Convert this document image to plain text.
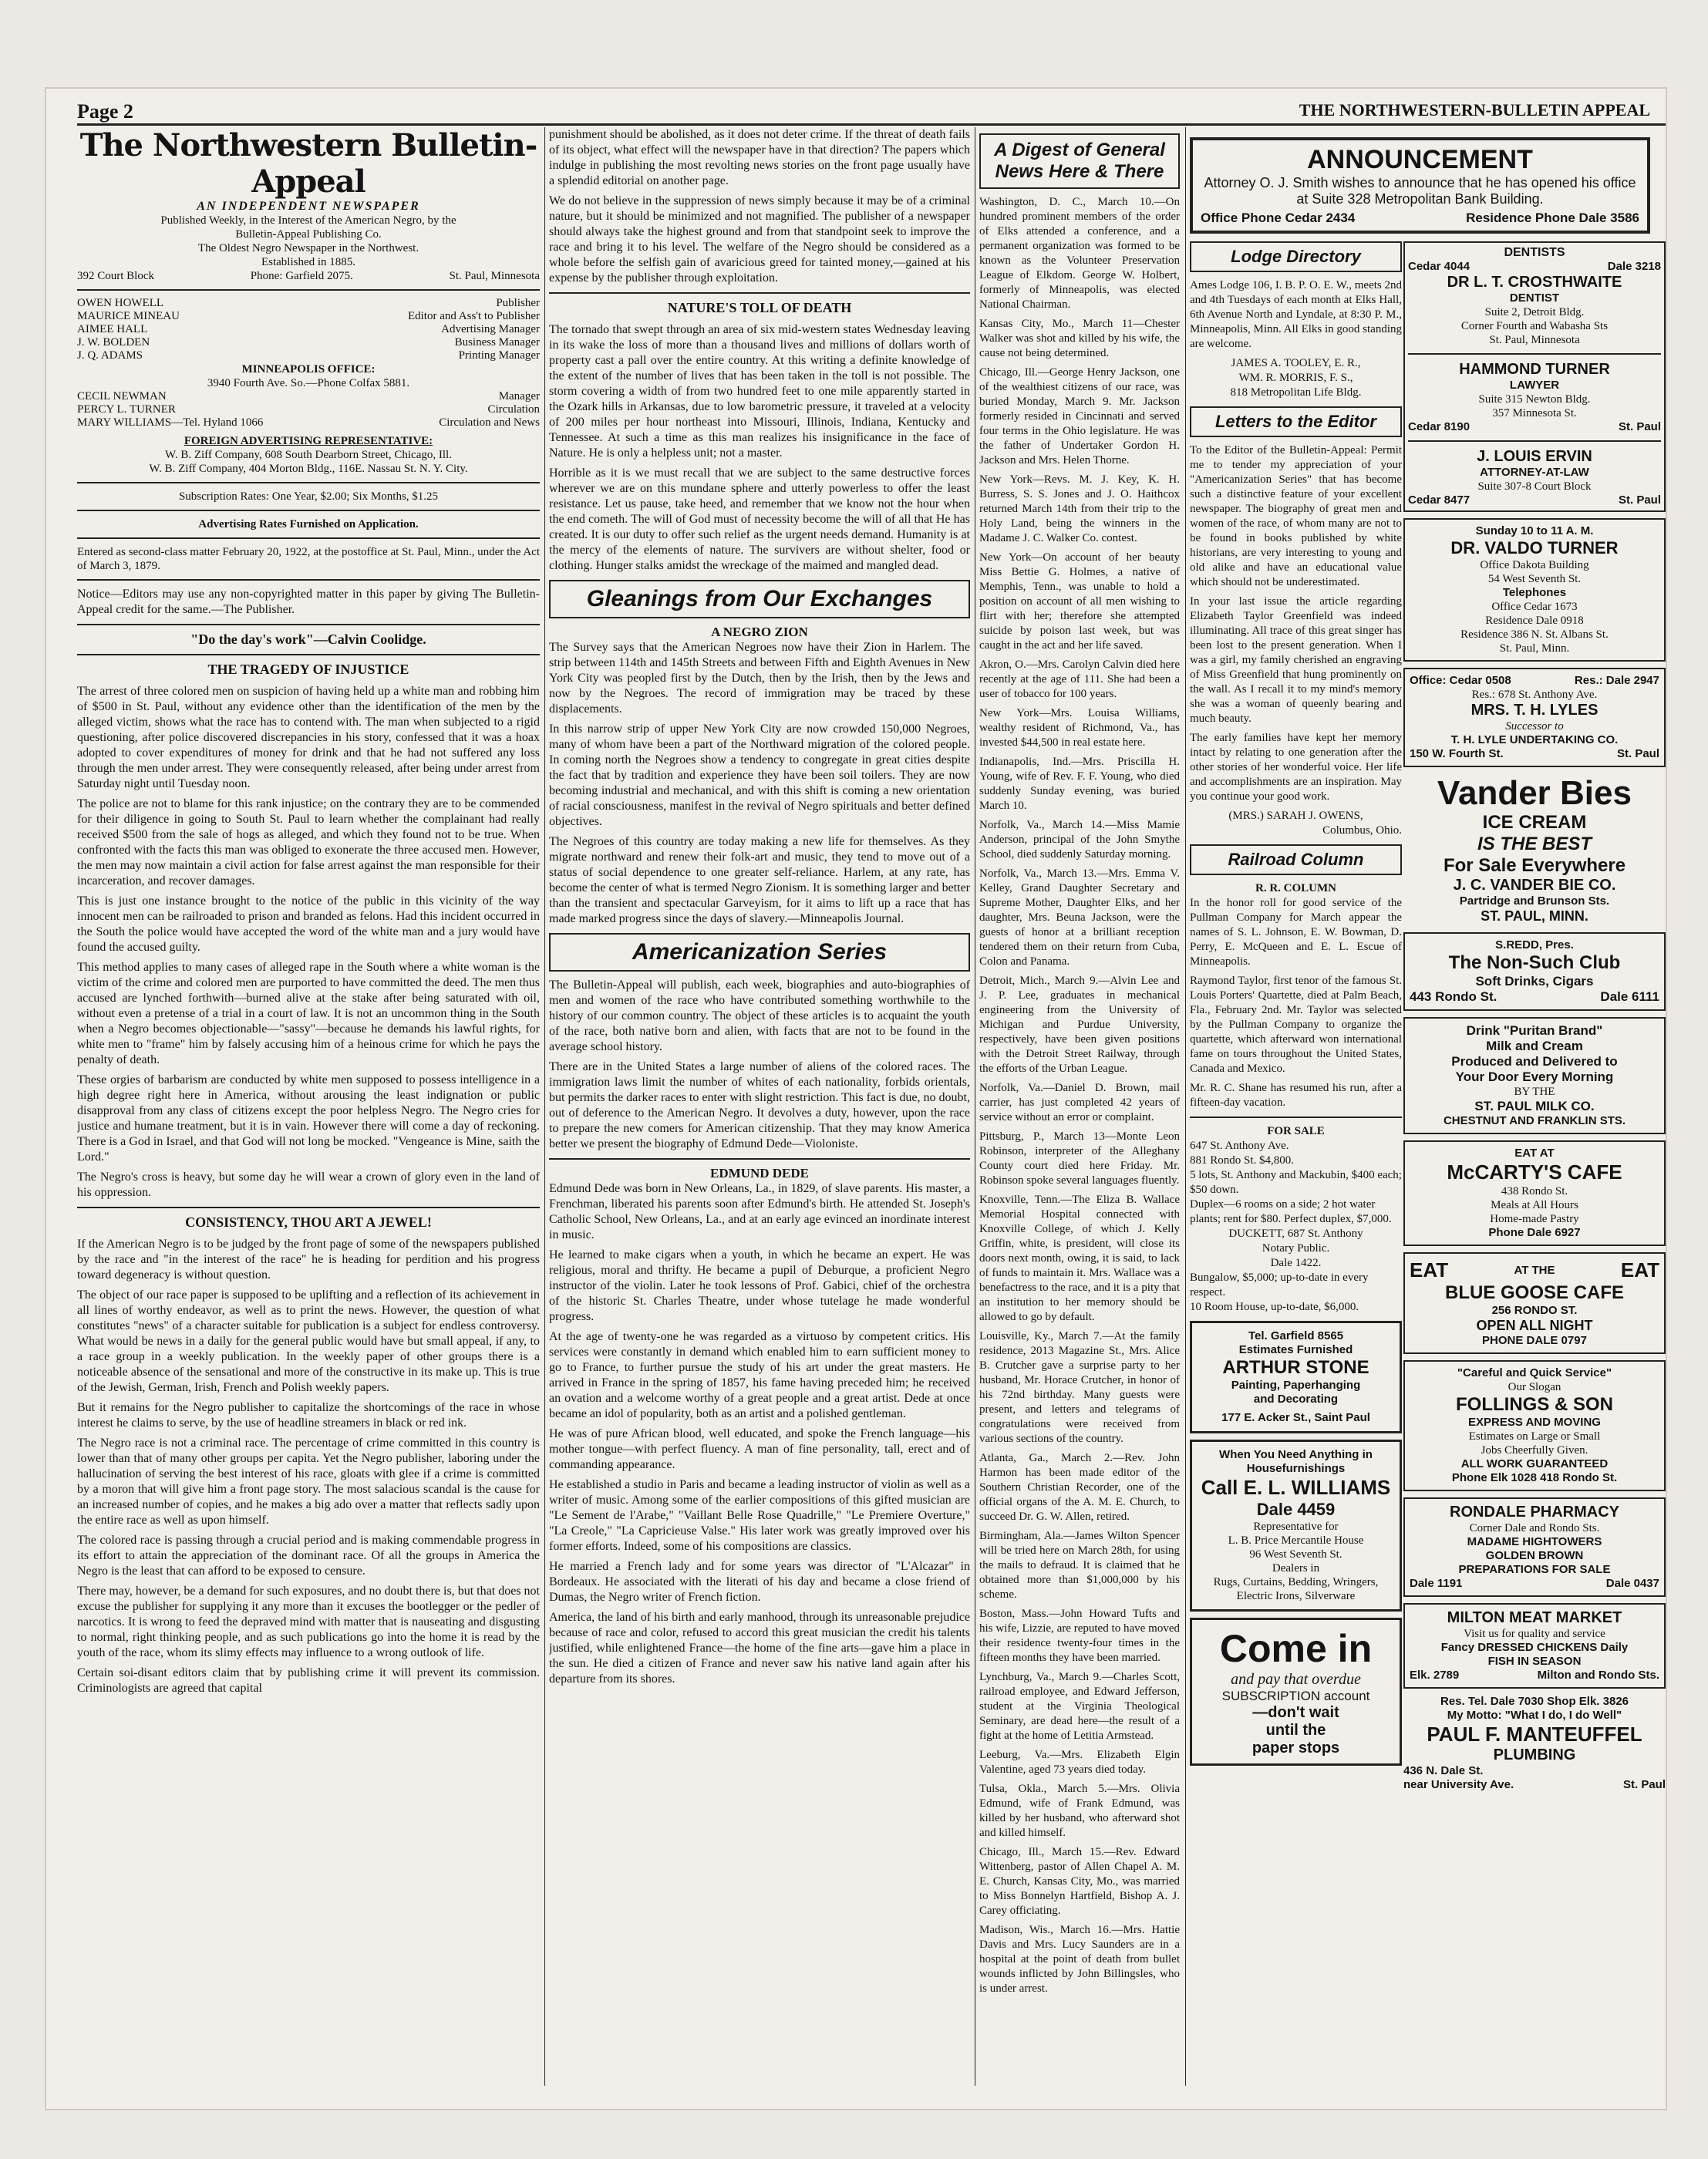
Page 2	THE NORTHWESTERN-BULLETIN APPEAL
The Northwestern Bulletin-Appeal
AN INDEPENDENT NEWSPAPER
Published Weekly, in the Interest of the American Negro, by the
Bulletin-Appeal Publishing Co.
The Oldest Negro Newspaper in the Northwest.
Established in 1885.
392 Court Block	Phone: Garfield 2075.	St. Paul, Minnesota
OWEN HOWELL	Publisher
MAURICE MINEAU	Editor and Ass't to Publisher
AIMEE HALL	Advertising Manager
J. W. BOLDEN	Business Manager
J. Q. ADAMS	Printing Manager
MINNEAPOLIS OFFICE:
3940 Fourth Ave. So.—Phone Colfax 5881.
CECIL NEWMAN	Manager
PERCY L. TURNER	Circulation
MARY WILLIAMS—Tel. Hyland 1066	Circulation and News
FOREIGN ADVERTISING REPRESENTATIVE:
W. B. Ziff Company, 608 South Dearborn Street, Chicago, Ill.
W. B. Ziff Company, 404 Morton Bldg., 116E. Nassau St. N. Y. City.
Subscription Rates: One Year, $2.00; Six Months, $1.25
Advertising Rates Furnished on Application.

Entered as second-class matter February 20, 1922, at the postoffice at St. Paul, Minn., under the Act of March 3, 1879.

Notice—Editors may use any non-copyrighted matter in this paper by giving The Bulletin-Appeal credit for the same.—The Publisher.

"Do the day's work"—Calvin Coolidge.
THE TRAGEDY OF INJUSTICE

The arrest of three colored men on suspicion of having held up a white man and robbing him of $500 in St. Paul, without any evidence other than the identification of the men by the alleged victim, shows what the race has to contend with. The man when subjected to a rigid questioning, after police discovered discrepancies in his story, confessed that it was a hoax adopted to cover expenditures of money for drink and that he had not suffered any loss through the men under arrest. They were consequently released, after being under arrest from Saturday night until Tuesday noon.

The police are not to blame for this rank injustice; on the contrary they are to be commended for their diligence in going to South St. Paul to learn whether the complainant had really received $500 from the sale of hogs as alleged, and which they found not to be true. When confronted with the facts this man was obliged to exonerate the three accused men. However, the men may now maintain a civil action for false arrest against the man responsible for their incarceration, and recover damages.

This is just one instance brought to the notice of the public in this vicinity of the way innocent men can be railroaded to prison and branded as felons. Had this incident occurred in the South the police would have accepted the word of the white man and a jury would have found the accused guilty.

This method applies to many cases of alleged rape in the South where a white woman is the victim of the crime and colored men are purported to have committed the deed. The men thus accused are lynched forthwith—burned alive at the stake after being saturated with oil, without even a pretense of a trial in a court of law. It is not an uncommon thing in the South when a Negro becomes objectionable—"sassy"—because he demands his lawful rights, for white men to "frame" him by falsely accusing him of a heinous crime for which he pays the penalty of death.

These orgies of barbarism are conducted by white men supposed to possess intelligence in a high degree right here in America, without arousing the least indignation or public disapproval from any class of citizens except the poor helpless Negro. The Negro cries for justice and humane treatment, but it is in vain. However there will come a day of reckoning. There is a God in Israel, and that God will not long be mocked. "Vengeance is Mine, saith the Lord."

The Negro's cross is heavy, but some day he will wear a crown of glory even in the land of his oppression.

CONSISTENCY, THOU ART A JEWEL!

If the American Negro is to be judged by the front page of some of the newspapers published by the race and "in the interest of the race" he is heading for perdition and his progress toward degeneracy is without question.

The object of our race paper is supposed to be uplifting and a reflection of its achievement in all lines of worthy endeavor, as well as to print the news. However, the question of what constitutes "news" of a character suitable for publication is a subject for endless controversy. What would be news in a daily for the general public would have but small appeal, if any, to a race group in a weekly publication. In the weekly paper of other groups there is a noticeable absence of the sensational and more of the constructive in its make up. This is true of the Jewish, German, Irish, French and Polish weekly papers.

But it remains for the Negro publisher to capitalize the shortcomings of the race in whose interest he claims to serve, by the use of headline streamers in black or red ink.

The Negro race is not a criminal race. The percentage of crime committed in this country is lower than that of many other groups per capita. Yet the Negro publisher, laboring under the hallucination of serving the best interest of his race, gloats with glee if a crime is committed by a moron that will give him a front page story. The most salacious scandal is the cause for an increased number of copies, and he makes a big ado over a matter that reflects sadly upon the entire race as well as upon himself.

The colored race is passing through a crucial period and is making commendable progress in its effort to attain the appreciation of the dominant race. Of all the groups in America the Negro is the least that can afford to be exposed to censure.

There may, however, be a demand for such exposures, and no doubt there is, but that does not excuse the publisher for supplying it any more than it excuses the bootlegger or the pedler of narcotics. It is wrong to feed the depraved mind with matter that is nauseating and disgusting to normal, right thinking people, and as such publications go into the home it is read by the youth of the race, whom its slimy effects may influence to a wrong outlook of life.

Certain soi-disant editors claim that by publishing crime it will prevent its commission. Criminologists are agreed that capital

punishment should be abolished, as it does not deter crime. If the threat of death fails of its object, what effect will the newspaper have in that direction? The papers which indulge in publishing the most revolting news stories on the front page usually have a splendid editorial on another page.

We do not believe in the suppression of news simply because it may be of a criminal nature, but it should be minimized and not magnified. The publisher of a newspaper should always take the highest ground and from that standpoint seek to improve the race and bring it to his level. The welfare of the Negro should be considered as a whole before the selfish gain of avaricious greed for tainted money,—gained at his expense by the publisher through exploitation.

NATURE'S TOLL OF DEATH

The tornado that swept through an area of six mid-western states Wednesday leaving in its wake the loss of more than a thousand lives and millions of dollars worth of property cast a pall over the entire country. At this writing a definite knowledge of the extent of the number of lives that has been taken in the toll is not possible. The storm covering a width of from two hundred feet to one mile apparently started in the Ozark hills in Arkansas, due to low barometric pressure, it traveled at a velocity of 200 miles per hour northeast into Missouri, Illinois, Indiana, Kentucky and Tennessee. At such a time as this man realizes his insignificance in the face of Nature. He is only a helpless unit; not a master.

Horrible as it is we must recall that we are subject to the same destructive forces wherever we are on this mundane sphere and utterly powerless to offer the least resistance. Let us pause, take heed, and remember that we know not the hour when the end cometh. The will of God must of necessity become the will of all that He has created. It is our duty to offer such relief as the urgent needs demand. Humanity is at the mercy of the elements of nature. The survivers are without shelter, food or clothing. Hunger stalks amidst the wreckage of the maimed and mangled dead.

Gleanings from Our Exchanges
A NEGRO ZION

The Survey says that the American Negroes now have their Zion in Harlem. The strip between 114th and 145th Streets and between Fifth and Eighth Avenues in New York City was peopled first by the Dutch, then by the Irish, then by the Jews and now by the Negroes. The record of immigration may be traced by these displacements.

In this narrow strip of upper New York City are now crowded 150,000 Negroes, many of whom have been a part of the Northward migration of the colored people. In coming north the Negroes show a tendency to congregate in great cities despite the fact that by tradition and experience they have been soil toilers. They are now becoming industrial and mechanical, and with this shift is coming a new orientation of racial consciousness, manifest in the revival of Negro spirituals and better defined objectives.

The Negroes of this country are today making a new life for themselves. As they migrate northward and renew their folk-art and music, they tend to move out of a status of social dependence to one greater self-reliance. Harlem, at any rate, has become the center of what is termed Negro Zionism. It is something larger and better than the transient and spectacular Garveyism, for it aims to lift up a race that has made marked progress since the days of slavery.—Minneapolis Journal.

Americanization Series

The Bulletin-Appeal will publish, each week, biographies and auto-biographies of men and women of the race who have contributed something worthwhile to the history of our common country. The object of these articles is to acquaint the youth of the race, both native born and alien, with facts that are not to be found in the average school history.

There are in the United States a large number of aliens of the colored races. The immigration laws limit the number of whites of each nationality, forbids orientals, but permits the darker races to enter with slight restriction. This fact is due, no doubt, out of deference to the American Negro. It devolves a duty, however, upon the race to prepare the new comers for American citizenship. That they may know America better we present the biography of Edmund Dede—Violoniste.

EDMUND DEDE

Edmund Dede was born in New Orleans, La., in 1829, of slave parents. His master, a Frenchman, liberated his parents soon after Edmund's birth. He attended St. Joseph's Catholic School, New Orleans, La., and at an early age evinced an inordinate interest in music.

He learned to make cigars when a youth, in which he became an expert. He was religious, moral and thrifty. He became a pupil of Deburque, a proficient Negro instructor of the violin. Later he took lessons of Prof. Gabici, chief of the orchestra of the historic St. Charles Theatre, under whose tutelage he made wonderful progress.

At the age of twenty-one he was regarded as a virtuoso by competent critics. His services were constantly in demand which enabled him to earn sufficient money to go to France, to further pursue the study of his art under the great masters. He arrived in France in the spring of 1857, his fame having preceded him; he received an ovation and a welcome worthy of a great people and a great artist. Dede at once became an idol of popularity, both as an artist and a polished gentleman.

He was of pure African blood, well educated, and spoke the French language—his mother tongue—with perfect fluency. A man of fine personality, tall, erect and of commanding appearance.

He established a studio in Paris and became a leading instructor of violin as well as a writer of music. Among some of the earlier compositions of this gifted musician are "Le Sement de l'Arabe," "Vaillant Belle Rose Quadrille," "Le Premiere Overture," "La Creole," "La Capricieuse Valse." His later work was greatly improved over his former efforts. Indeed, some of his compositions are classics.

He married a French lady and for some years was director of "L'Alcazar" in Bordeaux. He associated with the literati of his day and became a close friend of Dumas, the Negro writer of French fiction.

America, the land of his birth and early manhood, through its unreasonable prejudice because of race and color, refused to accord this great musician the credit his talents justified, while enlightened France—the home of the fine arts—gave him a place in the sun. He died a citizen of France and never saw his native land again after his departure from its shores.

A Digest of General News Here & There

Washington, D. C., March 10.—On hundred prominent members of the order of Elks attended a conference, and a permanent organization was formed to be known as the Volunteer Preservation League of Elkdom. George W. Holbert, formerly of Minneapolis, was elected National Chairman.

Kansas City, Mo., March 11—Chester Walker was shot and killed by his wife, the cause not being determined.

Chicago, Ill.—George Henry Jackson, one of the wealthiest citizens of our race, was buried Monday, March 9. Mr. Jackson formerly resided in Cincinnati and served four terms in the Ohio legislature. He was the father of Undertaker Gordon H. Jackson and Mrs. Helen Thorne.

New York—Revs. M. J. Key, K. H. Burress, S. S. Jones and J. O. Haithcox returned March 14th from their trip to the Holy Land, being the winners in the Madame J. C. Walker Co. contest.

New York—On account of her beauty Miss Bettie G. Holmes, a native of Memphis, Tenn., was unable to hold a position on account of all men wishing to flirt with her; therefore she attempted suicide by poison last week, but was caught in the act and her life saved.

Akron, O.—Mrs. Carolyn Calvin died here recently at the age of 111. She had been a user of tobacco for 100 years.

New York—Mrs. Louisa Williams, wealthy resident of Richmond, Va., has invested $44,500 in real estate here.

Indianapolis, Ind.—Mrs. Priscilla H. Young, wife of Rev. F. F. Young, who died suddenly Sunday evening, was buried March 10.

Norfolk, Va., March 14.—Miss Mamie Anderson, principal of the John Smythe School, died suddenly Saturday morning.

Norfolk, Va., March 13.—Mrs. Emma V. Kelley, Grand Daughter Secretary and Supreme Mother, Daughter Elks, and her daughter, Mrs. Beuna Jackson, were the guests of honor at a brilliant reception tendered them on their return from Cuba, Colon and Panama.

Detroit, Mich., March 9.—Alvin Lee and J. P. Lee, graduates in mechanical engineering from the University of Michigan and Purdue University, respectively, have been given positions with the Detroit Street Railway, through the efforts of the Urban League.

Norfolk, Va.—Daniel D. Brown, mail carrier, has just completed 42 years of service without an error or complaint.

Pittsburg, P., March 13—Monte Leon Robinson, interpreter of the Alleghany County court died here Friday. Mr. Robinson spoke several languages fluently.

Knoxville, Tenn.—The Eliza B. Wallace Memorial Hospital connected with Knoxville College, of which J. Kelly Griffin, white, is president, will close its doors next month, owing, it is said, to lack of funds to maintain it. Mrs. Wallace was a benefactress to the race, and it is a pity that an institution to her memory should be allowed to go by default.

Louisville, Ky., March 7.—At the family residence, 2013 Magazine St., Mrs. Alice B. Crutcher gave a surprise party to her husband, Mr. Horace Crutcher, in honor of his 72nd birthday. Many guests were present, and letters and telegrams of congratulations were received from various sections of the country.

Atlanta, Ga., March 2.—Rev. John Harmon has been made editor of the Southern Christian Recorder, one of the official organs of the A. M. E. Church, to succeed Dr. G. W. Allen, retired.

Birmingham, Ala.—James Wilton Spencer will be tried here on March 28th, for using the mails to defraud. It is claimed that he obtained more than $1,000,000 by his scheme.

Boston, Mass.—John Howard Tufts and his wife, Lizzie, are reputed to have moved their residence twenty-four times in the fifteen months they have been married.

Lynchburg, Va., March 9.—Charles Scott, railroad employee, and Edward Jefferson, student at the Virginia Theological Seminary, are dead here—the result of a fight at the home of Letitia Armstead.

Leeburg, Va.—Mrs. Elizabeth Elgin Valentine, aged 73 years died today.

Tulsa, Okla., March 5.—Mrs. Olivia Edmund, wife of Frank Edmund, was killed by her husband, who afterward shot and killed himself.

Chicago, Ill., March 15.—Rev. Edward Wittenberg, pastor of Allen Chapel A. M. E. Church, Kansas City, Mo., was married to Miss Bonnelyn Hartfield, Bishop A. J. Carey officiating.

Madison, Wis., March 16.—Mrs. Hattie Davis and Mrs. Lucy Saunders are in a hospital at the point of death from bullet wounds inflicted by John Billingsles, who is under arrest.

ANNOUNCEMENT
Attorney O. J. Smith wishes to announce that he has opened his office at Suite 328 Metropolitan Bank Building.
Office Phone Cedar 2434	Residence Phone Dale 3586
Lodge Directory

Ames Lodge 106, I. B. P. O. E. W., meets 2nd and 4th Tuesdays of each month at Elks Hall, 6th Avenue North and Lyndale, at 8:30 P. M., Minneapolis, Minn. All Elks in good standing are welcome.

JAMES A. TOOLEY, E. R.,
WM. R. MORRIS, F. S.,
818 Metropolitan Life Bldg.
Letters to the Editor

To the Editor of the Bulletin-Appeal: Permit me to tender my appreciation of your "Americanization Series" that has become such a distinctive feature of your excellent newspaper. The biography of great men and women of the race, of whom many are not to be found in books published by white historians, are very interesting to young and old alike and have an educational value which should not be underestimated.

In your last issue the article regarding Elizabeth Taylor Greenfield was indeed illuminating. All trace of this great singer has been lost to the present generation. When I was a girl, my family cherished an engraving of Miss Greenfield that hung prominently on the wall. As I recall it to my mind's memory she was a woman of queenly bearing and much beauty.

The early families have kept her memory intact by relating to one generation after the other stories of her wonderful voice. Her life and accomplishments are an inspiration. May you continue your good work.

(MRS.) SARAH J. OWENS,
Columbus, Ohio.
Railroad Column
R. R. COLUMN

In the honor roll for good service of the Pullman Company for March appear the names of S. L. Johnson, E. W. Bowman, D. Perry, E. McQueen and E. L. Escue of Minneapolis.

Raymond Taylor, first tenor of the famous St. Louis Porters' Quartette, died at Palm Beach, Fla., February 2nd. Mr. Taylor was selected by the Pullman Company to organize the quartette, which afterward won international fame on tours throughout the United States, Canada and Mexico.

Mr. R. C. Shane has resumed his run, after a fifteen-day vacation.

FOR SALE
647 St. Anthony Ave.
881 Rondo St. $4,800.
5 lots, St. Anthony and Mackubin, $400 each; $50 down.
Duplex—6 rooms on a side; 2 hot water plants; rent for $80. Perfect duplex, $7,000.
DUCKETT, 687 St. Anthony
Notary Public.
Dale 1422.
Bungalow, $5,000; up-to-date in every respect.
10 Room House, up-to-date, $6,000.
Tel. Garfield 8565
Estimates Furnished
ARTHUR STONE
Painting, Paperhanging
and Decorating
177 E. Acker St., Saint Paul
When You Need Anything in
Housefurnishings
Call E. L. WILLIAMS
Dale 4459
Representative for
L. B. Price Mercantile House
96 West Seventh St.
Dealers in
Rugs, Curtains, Bedding, Wringers, Electric Irons, Silverware
Come in
and pay that overdue
SUBSCRIPTION account
—don't wait
until the
paper stops
DENTISTS
Cedar 4044	Dale 3218
DR L. T. CROSTHWAITE
DENTIST
Suite 2, Detroit Bldg.
Corner Fourth and Wabasha Sts
St. Paul, Minnesota
HAMMOND TURNER
LAWYER
Suite 315 Newton Bldg.
357 Minnesota St.
Cedar 8190	St. Paul
J. LOUIS ERVIN
ATTORNEY-AT-LAW
Suite 307-8 Court Block
Cedar 8477	St. Paul
Sunday 10 to 11 A. M.
DR. VALDO TURNER
Office Dakota Building
54 West Seventh St.
Telephones
Office Cedar 1673
Residence Dale 0918
Residence 386 N. St. Albans St.
St. Paul, Minn.
Office: Cedar 0508	Res.: Dale 2947
Res.: 678 St. Anthony Ave.
MRS. T. H. LYLES
Successor to
T. H. LYLE UNDERTAKING CO.
150 W. Fourth St.	St. Paul
Vander Bies
ICE CREAM
IS THE BEST
For Sale Everywhere
J. C. VANDER BIE CO.
Partridge and Brunson Sts.
ST. PAUL, MINN.
S.REDD, Pres.
The Non-Such Club
Soft Drinks, Cigars
443 Rondo St.	Dale 6111
Drink "Puritan Brand"
Milk and Cream
Produced and Delivered to
Your Door Every Morning
BY THE
ST. PAUL MILK CO.
CHESTNUT AND FRANKLIN STS.
EAT AT
McCARTY'S CAFE
438 Rondo St.
Meals at All Hours
Home-made Pastry
Phone Dale 6927
EAT	AT THE	EAT
BLUE GOOSE CAFE
256 RONDO ST.
OPEN ALL NIGHT
PHONE DALE 0797
"Careful and Quick Service"
Our Slogan
FOLLINGS & SON
EXPRESS AND MOVING
Estimates on Large or Small
Jobs Cheerfully Given.
ALL WORK GUARANTEED
Phone Elk 1028 418 Rondo St.
RONDALE PHARMACY
Corner Dale and Rondo Sts.
MADAME HIGHTOWERS
GOLDEN BROWN
PREPARATIONS FOR SALE
Dale 1191	Dale 0437
MILTON MEAT MARKET
Visit us for quality and service
Fancy DRESSED CHICKENS Daily
FISH IN SEASON
Elk. 2789	Milton and Rondo Sts.
Res. Tel. Dale 7030 Shop Elk. 3826
My Motto: "What I do, I do Well"
PAUL F. MANTEUFFEL
PLUMBING
436 N. Dale St.
near University Ave.	St. Paul
